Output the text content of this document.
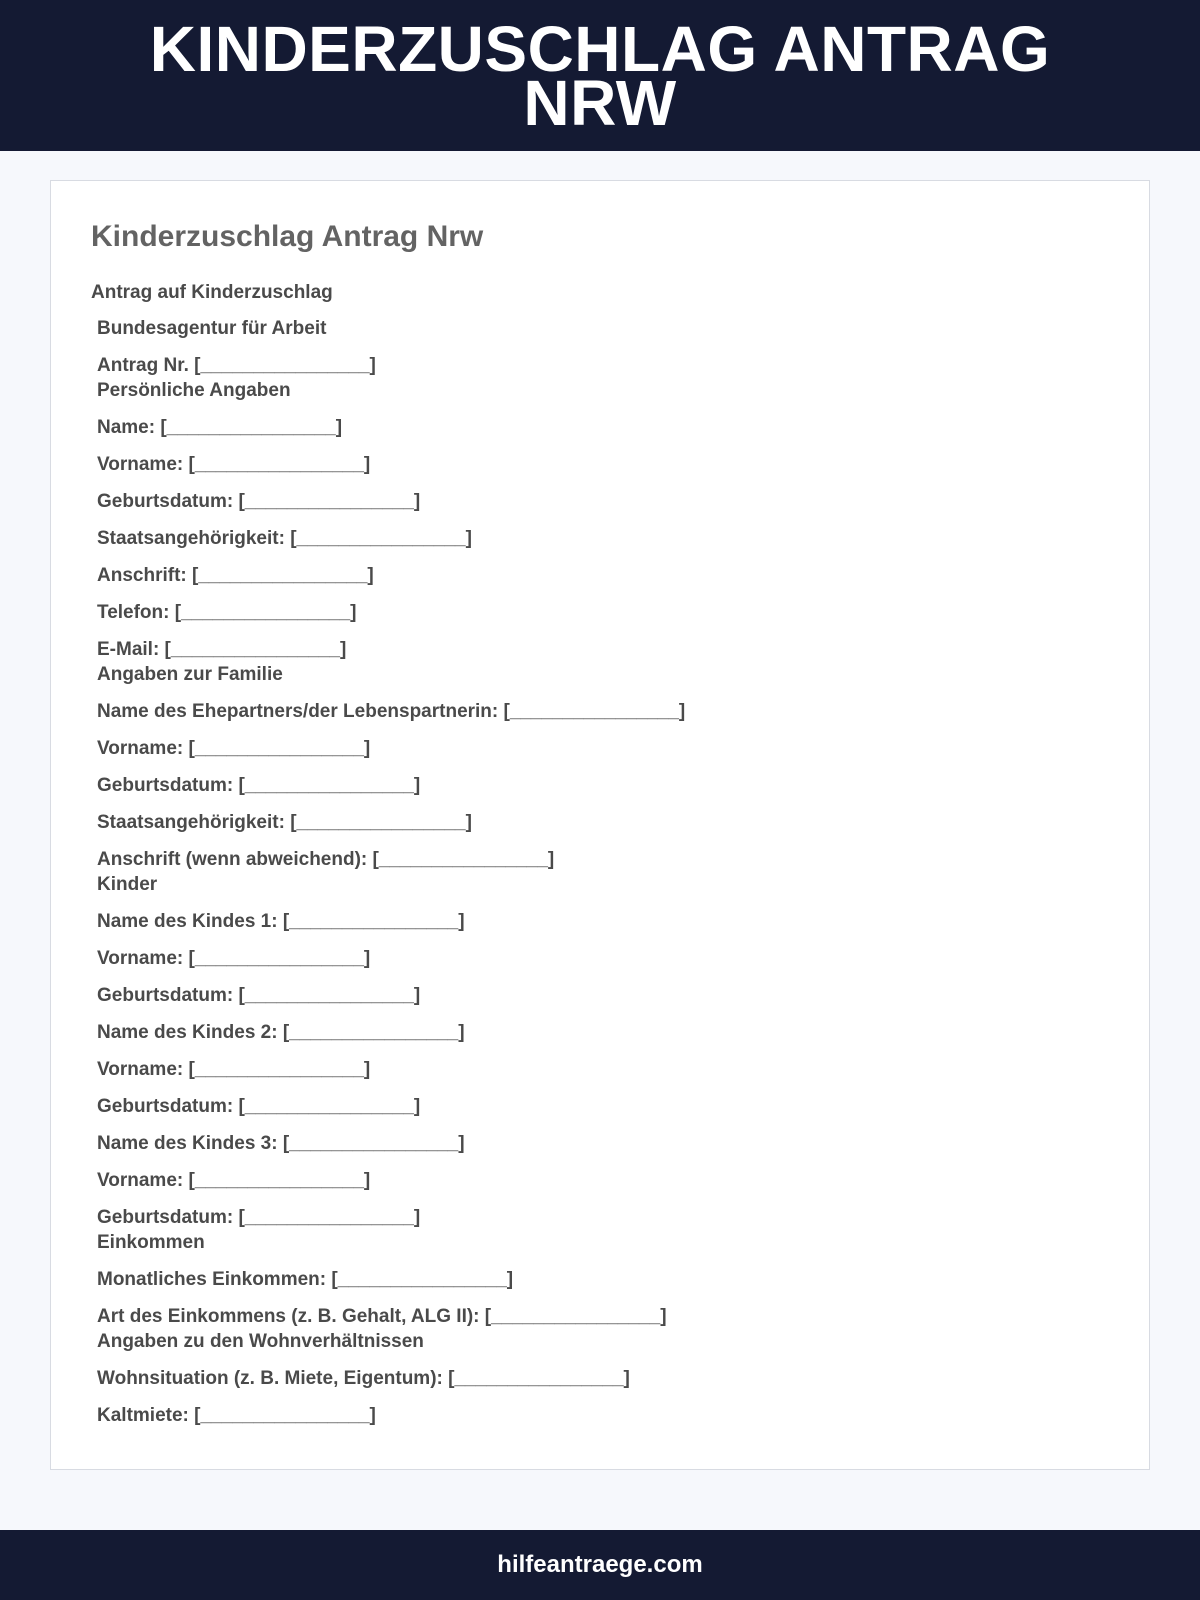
KINDERZUSCHLAG ANTRAG NRW
Kinderzuschlag Antrag Nrw

Antrag auf Kinderzuschlag

Bundesagentur für Arbeit
Antrag Nr. [________________]
Persönliche Angaben
Name: [________________]
Vorname: [________________]
Geburtsdatum: [________________]
Staatsangehörigkeit: [________________]
Anschrift: [________________]
Telefon: [________________]
E-Mail: [________________]
Angaben zur Familie
Name des Ehepartners/der Lebenspartnerin: [________________]
Vorname: [________________]
Geburtsdatum: [________________]
Staatsangehörigkeit: [________________]
Anschrift (wenn abweichend): [________________]
Kinder
Name des Kindes 1: [________________]
Vorname: [________________]
Geburtsdatum: [________________]
Name des Kindes 2: [________________]
Vorname: [________________]
Geburtsdatum: [________________]
Name des Kindes 3: [________________]
Vorname: [________________]
Geburtsdatum: [________________]
Einkommen
Monatliches Einkommen: [________________]
Art des Einkommens (z. B. Gehalt, ALG II): [________________]
Angaben zu den Wohnverhältnissen
Wohnsituation (z. B. Miete, Eigentum): [________________]
Kaltmiete: [________________]
hilfeantraege.com
